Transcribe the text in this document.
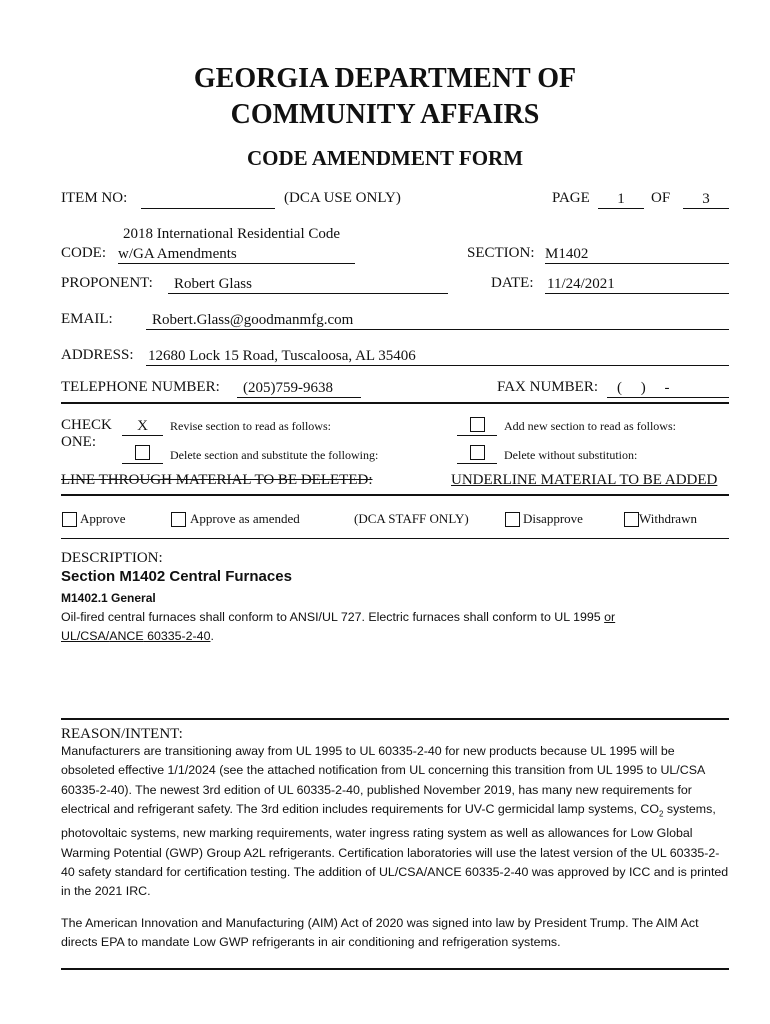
GEORGIA DEPARTMENT OF
COMMUNITY AFFAIRS
CODE AMENDMENT FORM
ITEM NO:	(DCA USE ONLY)	PAGE	1	OF	3
2018 International Residential Code
CODE: w/GA Amendments	SECTION: M1402
PROPONENT:	Robert Glass	DATE: 11/24/2021
EMAIL:	Robert.Glass@goodmanmfg.com
ADDRESS: 12680 Lock 15 Road, Tuscaloosa, AL 35406
TELEPHONE NUMBER:	(205)759-9638	FAX NUMBER:	(     )     -
CHECK
ONE:
X	Revise section to read as follows:	Add new section to read as follows:
Delete section and substitute the following:	Delete without substitution:
LINE THROUGH MATERIAL TO BE DELETED:	UNDERLINE MATERIAL TO BE ADDED
Approve	Approve as amended	(DCA STAFF ONLY)	Disapprove	Withdrawn
DESCRIPTION:
Section M1402 Central Furnaces
M1402.1 General
Oil-fired central furnaces shall conform to ANSI/UL 727. Electric furnaces shall conform to UL 1995 or
UL/CSA/ANCE 60335-2-40.
REASON/INTENT:
Manufacturers are transitioning away from UL 1995 to UL 60335-2-40 for new products because UL 1995 will be obsoleted effective 1/1/2024 (see the attached notification from UL concerning this transition from UL 1995 to UL/CSA 60335-2-40). The newest 3rd edition of UL 60335-2-40, published November 2019, has many new requirements for electrical and refrigerant safety. The 3rd edition includes requirements for UV-C germicidal lamp systems, $CO_2$ systems, photovoltaic systems, new marking requirements, water ingress rating system as well as allowances for Low Global Warming Potential (GWP) Group A2L refrigerants. Certification laboratories will use the latest version of the UL 60335-2-40 safety standard for certification testing. The addition of UL/CSA/ANCE 60335-2-40 was approved by ICC and is printed in the 2021 IRC.
The American Innovation and Manufacturing (AIM) Act of 2020 was signed into law by President Trump. The AIM Act directs EPA to mandate Low GWP refrigerants in air conditioning and refrigeration systems.
